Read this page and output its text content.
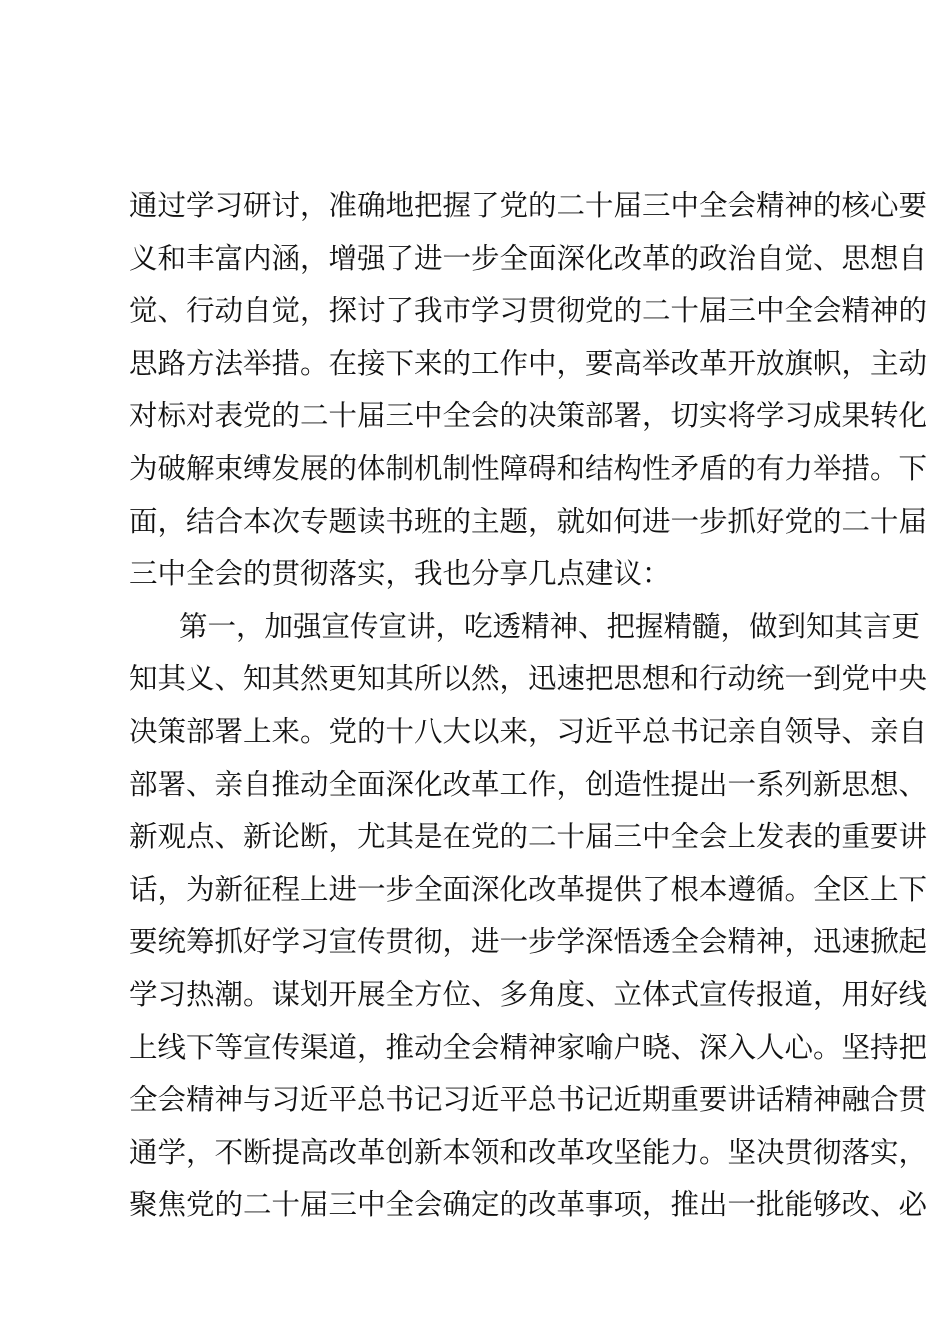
通过学习研讨，准确地把握了党的二十届三中全会精神的核心要
义和丰富内涵，增强了进一步全面深化改革的政治自觉、思想自
觉、行动自觉，探讨了我市学习贯彻党的二十届三中全会精神的
思路方法举措。在接下来的工作中，要高举改革开放旗帜，主动
对标对表党的二十届三中全会的决策部署，切实将学习成果转化
为破解束缚发展的体制机制性障碍和结构性矛盾的有力举措。下
面，结合本次专题读书班的主题，就如何进一步抓好党的二十届
三中全会的贯彻落实，我也分享几点建议：
第一，加强宣传宣讲，吃透精神、把握精髓，做到知其言更
知其义、知其然更知其所以然，迅速把思想和行动统一到党中央
决策部署上来。党的十八大以来，习近平总书记亲自领导、亲自
部署、亲自推动全面深化改革工作，创造性提出一系列新思想、
新观点、新论断，尤其是在党的二十届三中全会上发表的重要讲
话，为新征程上进一步全面深化改革提供了根本遵循。全区上下
要统筹抓好学习宣传贯彻，进一步学深悟透全会精神，迅速掀起
学习热潮。谋划开展全方位、多角度、立体式宣传报道，用好线
上线下等宣传渠道，推动全会精神家喻户晓、深入人心。坚持把
全会精神与习近平总书记习近平总书记近期重要讲话精神融合贯
通学，不断提高改革创新本领和改革攻坚能力。坚决贯彻落实，
聚焦党的二十届三中全会确定的改革事项，推出一批能够改、必
